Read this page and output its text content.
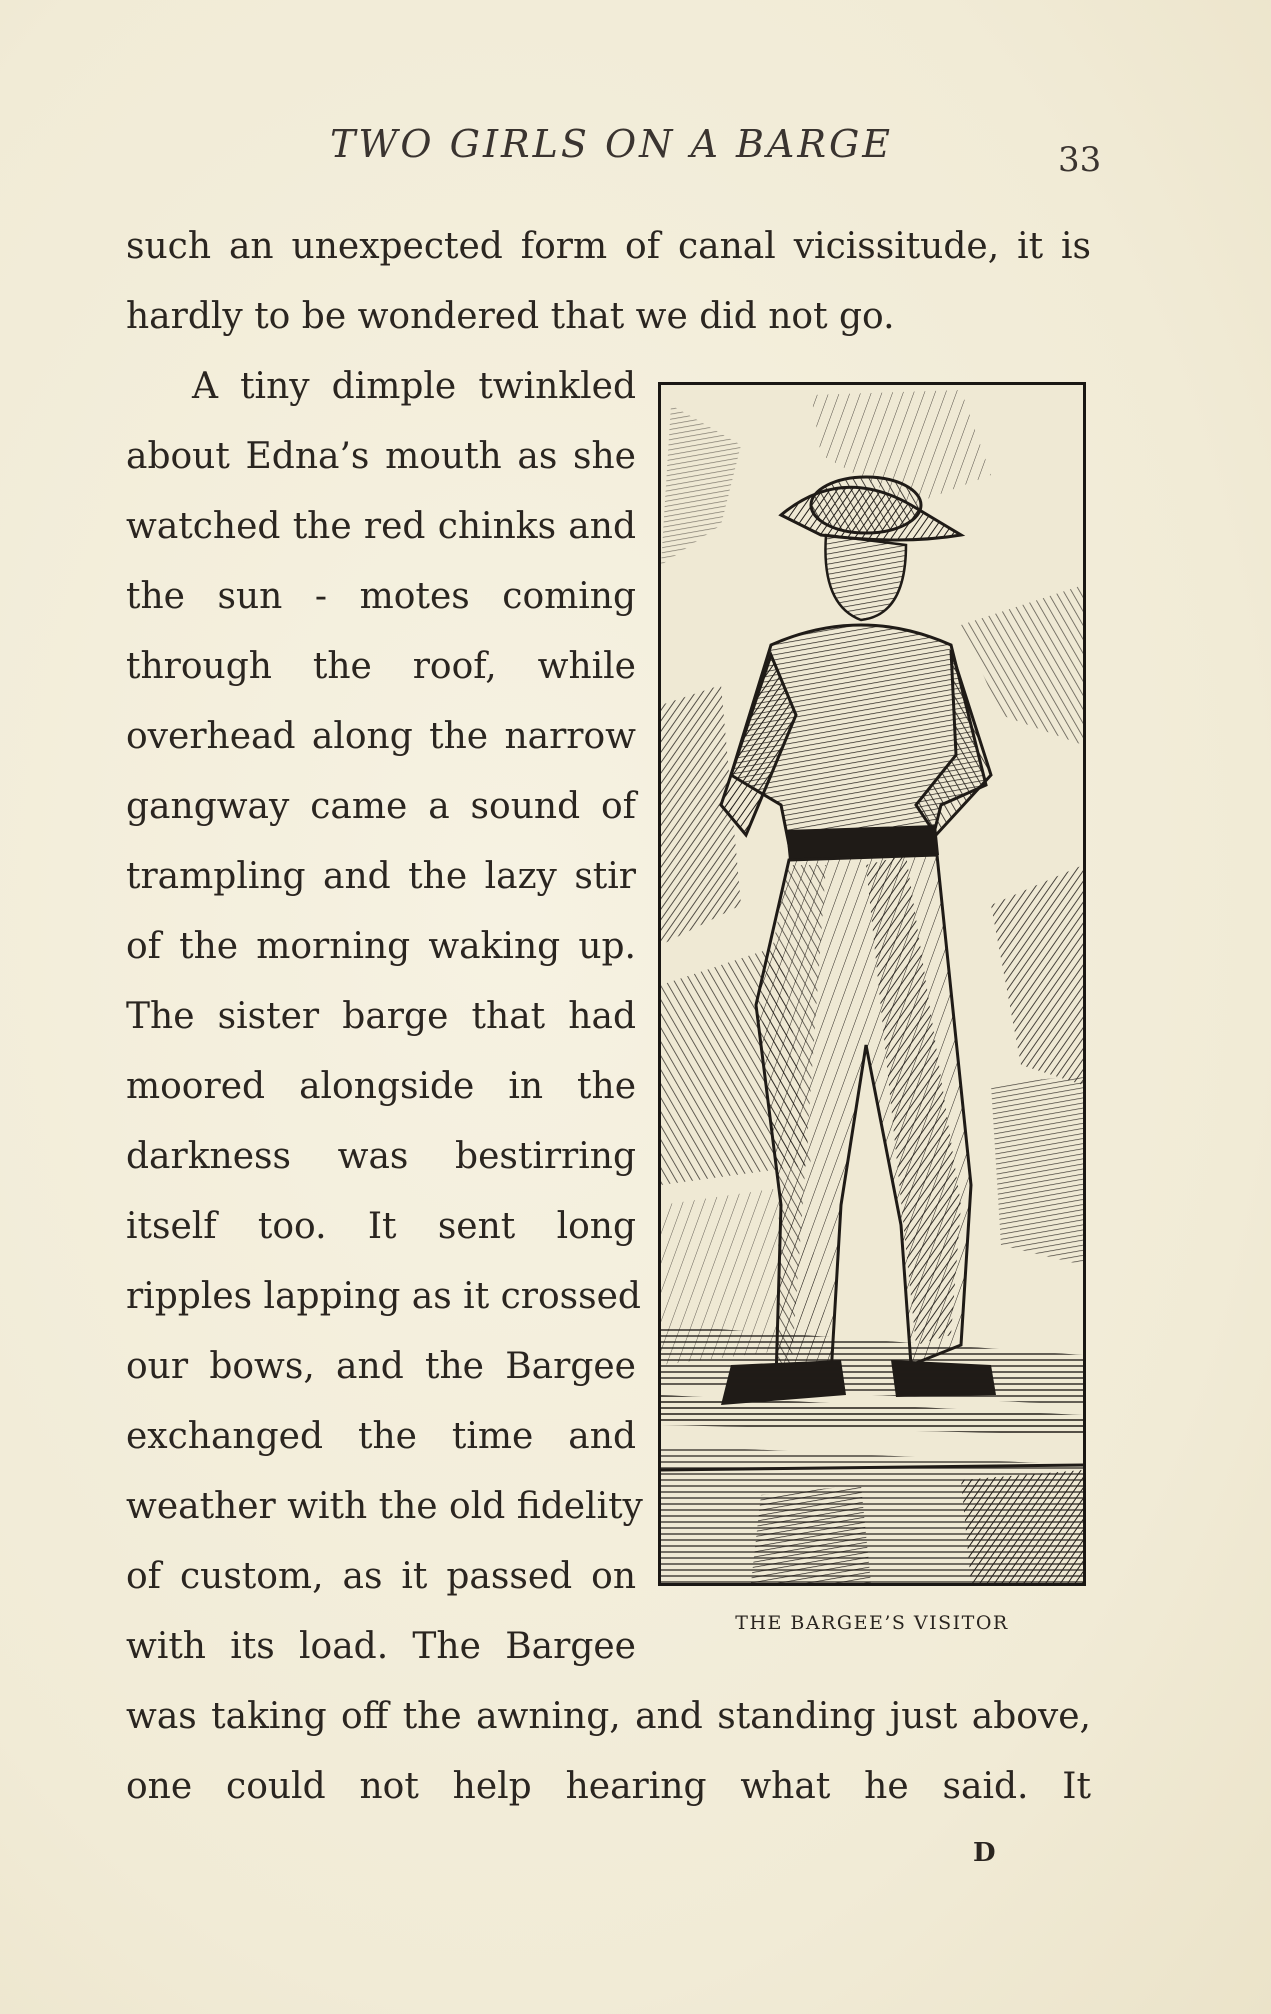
TWO GIRLS ON A BARGE	33
such an unexpected form of canal vicissitude, it is
hardly to be wondered that we did not go.
A tiny dimple twinkled
about Edna’s mouth as she
watched the red chinks and
the sun - motes coming
through the roof, while
overhead along the narrow
gangway came a sound of
trampling and the lazy stir
of the morning waking up.
The sister barge that had
moored alongside in the
darkness was bestirring
itself too. It sent long
ripples lapping as it crossed
our bows, and the Bargee
exchanged the time and
weather with the old fidelity
of custom, as it passed on
with its load. The Bargee
was taking off the awning, and standing just above,
one could not help hearing what he said. It
THE BARGEE’S VISITOR
D
